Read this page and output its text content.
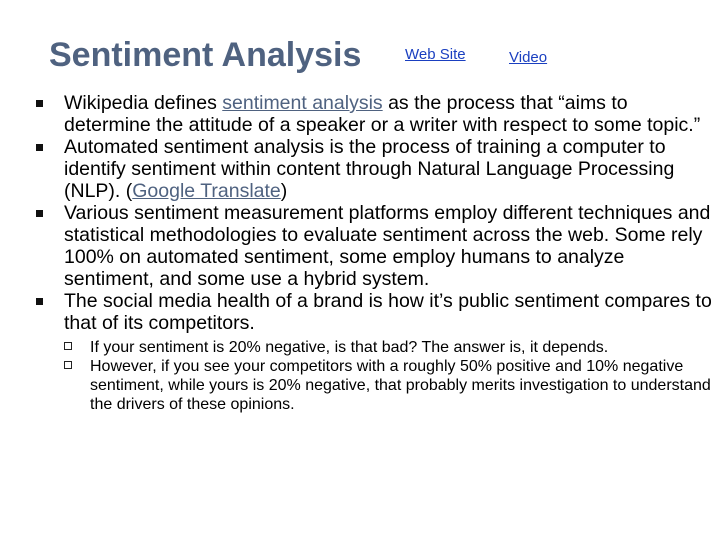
Sentiment Analysis	Web Site	Video
Wikipedia defines sentiment analysis as the process that “aims to determine the attitude of a speaker or a writer with respect to some topic.”
Automated sentiment analysis is the process of training a computer to identify sentiment within content through Natural Language Processing (NLP). (Google Translate)
Various sentiment measurement platforms employ different techniques and statistical methodologies to evaluate sentiment across the web. Some rely 100% on automated sentiment, some employ humans to analyze sentiment, and some use a hybrid system.
The social media health of a brand is how it’s public sentiment compares to that of its competitors.
If your sentiment is 20% negative, is that bad? The answer is, it depends.
However, if you see your competitors with a roughly 50% positive and 10% negative sentiment, while yours is 20% negative, that probably merits investigation to understand the drivers of these opinions.
